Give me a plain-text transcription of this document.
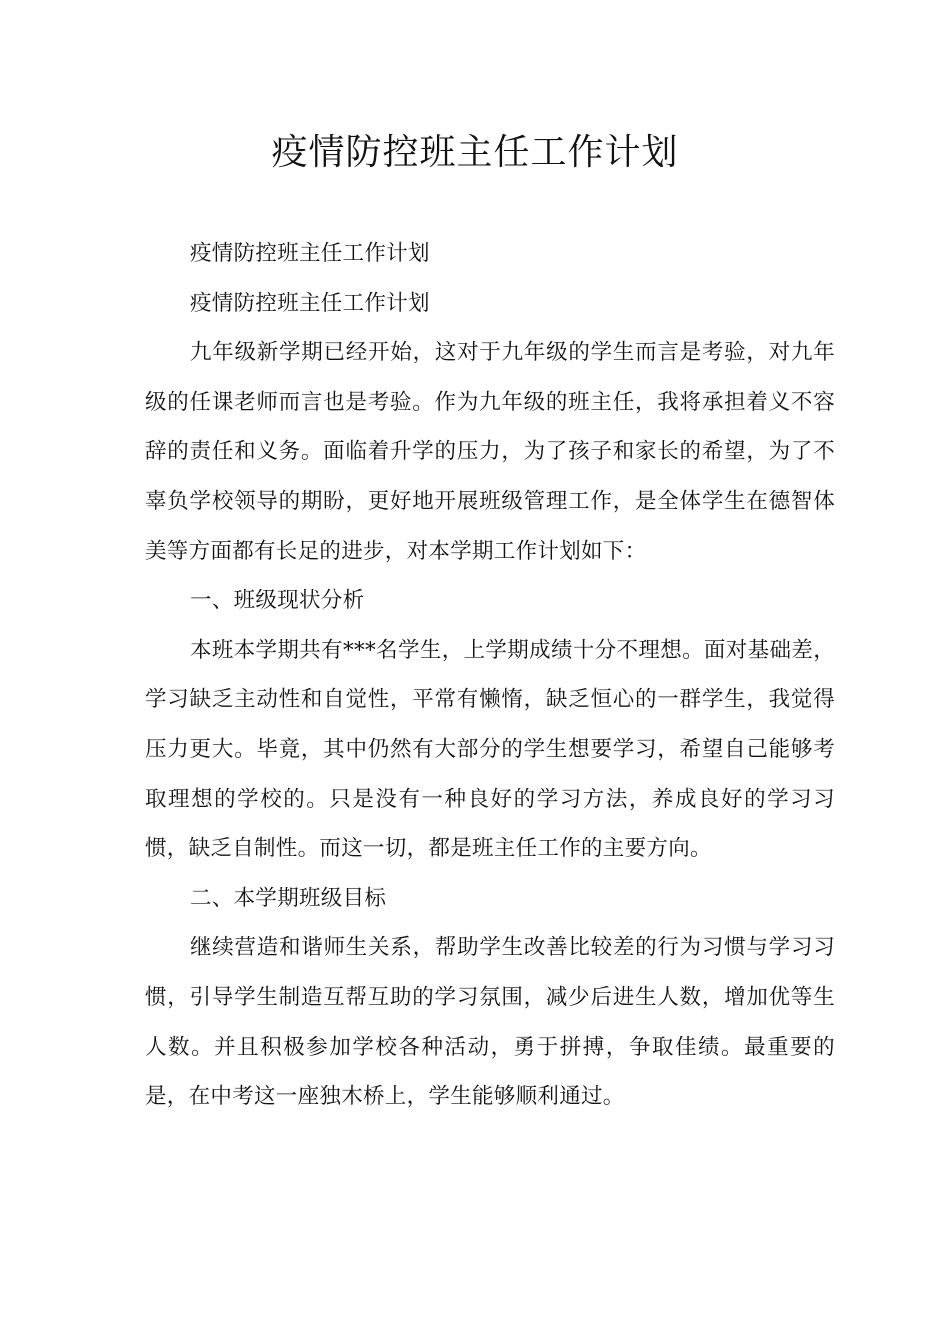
疫情防控班主任工作计划

疫情防控班主任工作计划

疫情防控班主任工作计划

九年级新学期已经开始，这对于九年级的学生而言是考验，对九年级的任课老师而言也是考验。作为九年级的班主任，我将承担着义不容辞的责任和义务。面临着升学的压力，为了孩子和家长的希望，为了不辜负学校领导的期盼，更好地开展班级管理工作，是全体学生在德智体美等方面都有长足的进步，对本学期工作计划如下：

一、班级现状分析

本班本学期共有***名学生，上学期成绩十分不理想。面对基础差，学习缺乏主动性和自觉性，平常有懒惰，缺乏恒心的一群学生，我觉得压力更大。毕竟，其中仍然有大部分的学生想要学习，希望自己能够考取理想的学校的。只是没有一种良好的学习方法，养成良好的学习习惯，缺乏自制性。而这一切，都是班主任工作的主要方向。

二、本学期班级目标

继续营造和谐师生关系，帮助学生改善比较差的行为习惯与学习习惯，引导学生制造互帮互助的学习氛围，减少后进生人数，增加优等生人数。并且积极参加学校各种活动，勇于拼搏，争取佳绩。最重要的是，在中考这一座独木桥上，学生能够顺利通过。
